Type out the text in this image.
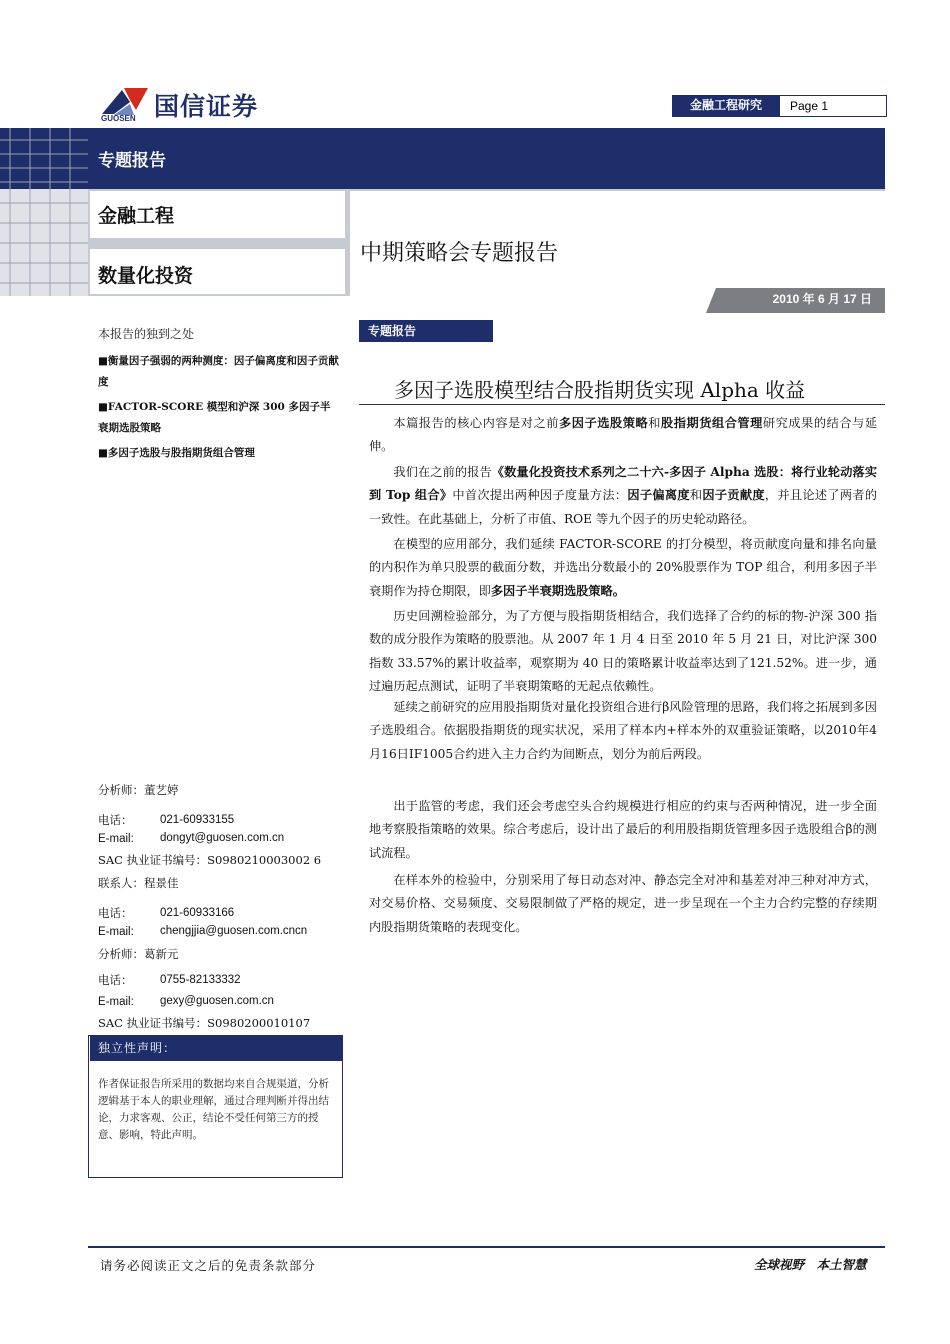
国信证券
GUOSEN
金融工程研究	Page 1
专题报告
金融工程
数量化投资
中期策略会专题报告
2010 年 6 月 17 日
本报告的独到之处
■衡量因子强弱的两种测度：因子偏离度和因子贡献度
■FACTOR-SCORE 模型和沪深 300 多因子半衰期选股策略
■多因子选股与股指期货组合管理
分析师：董艺婷
电话： 021-60933155
E-mail: dongyt@guosen.com.cn
SAC 执业证书编号：S0980210003002 6
联系人：程景佳
电话： 021-60933166
E-mail: chengjjia@guosen.com.cncn
分析师：葛新元
电话： 0755-82133332
E-mail: gexy@guosen.com.cn
SAC 执业证书编号：S0980200010107
独立性声明：
作者保证报告所采用的数据均来自合规渠道，分析逻辑基于本人的职业理解，通过合理判断并得出结论，力求客观、公正，结论不受任何第三方的授意、影响，特此声明。
专题报告
多因子选股模型结合股指期货实现 Alpha 收益

本篇报告的核心内容是对之前多因子选股策略和股指期货组合管理研究成果的结合与延伸。

我们在之前的报告《数量化投资技术系列之二十六-多因子 Alpha 选股：将行业轮动落实到 Top 组合》中首次提出两种因子度量方法：因子偏离度和因子贡献度，并且论述了两者的一致性。在此基础上，分析了市值、ROE 等九个因子的历史轮动路径。

在模型的应用部分，我们延续 FACTOR-SCORE 的打分模型，将贡献度向量和排名向量的内积作为单只股票的截面分数，并选出分数最小的 20%股票作为 TOP 组合，利用多因子半衰期作为持仓期限，即多因子半衰期选股策略。

历史回溯检验部分，为了方便与股指期货相结合，我们选择了合约的标的物-沪深 300 指数的成分股作为策略的股票池。从 2007 年 1 月 4 日至 2010 年 5 月 21 日，对比沪深 300 指数 33.57%的累计收益率，观察期为 40 日的策略累计收益率达到了121.52%。进一步，通过遍历起点测试，证明了半衰期策略的无起点依赖性。

延续之前研究的应用股指期货对量化投资组合进行β风险管理的思路，我们将之拓展到多因子选股组合。依据股指期货的现实状况，采用了样本内+样本外的双重验证策略，以2010年4月16日IF1005合约进入主力合约为间断点，划分为前后两段。

出于监管的考虑，我们还会考虑空头合约规模进行相应的约束与否两种情况，进一步全面地考察股指策略的效果。综合考虑后，设计出了最后的利用股指期货管理多因子选股组合β的测试流程。

在样本外的检验中，分别采用了每日动态对冲、静态完全对冲和基差对冲三种对冲方式，对交易价格、交易频度、交易限制做了严格的规定，进一步呈现在一个主力合约完整的存续期内股指期货策略的表现变化。

请务必阅读正文之后的免责条款部分	全球视野　本土智慧
